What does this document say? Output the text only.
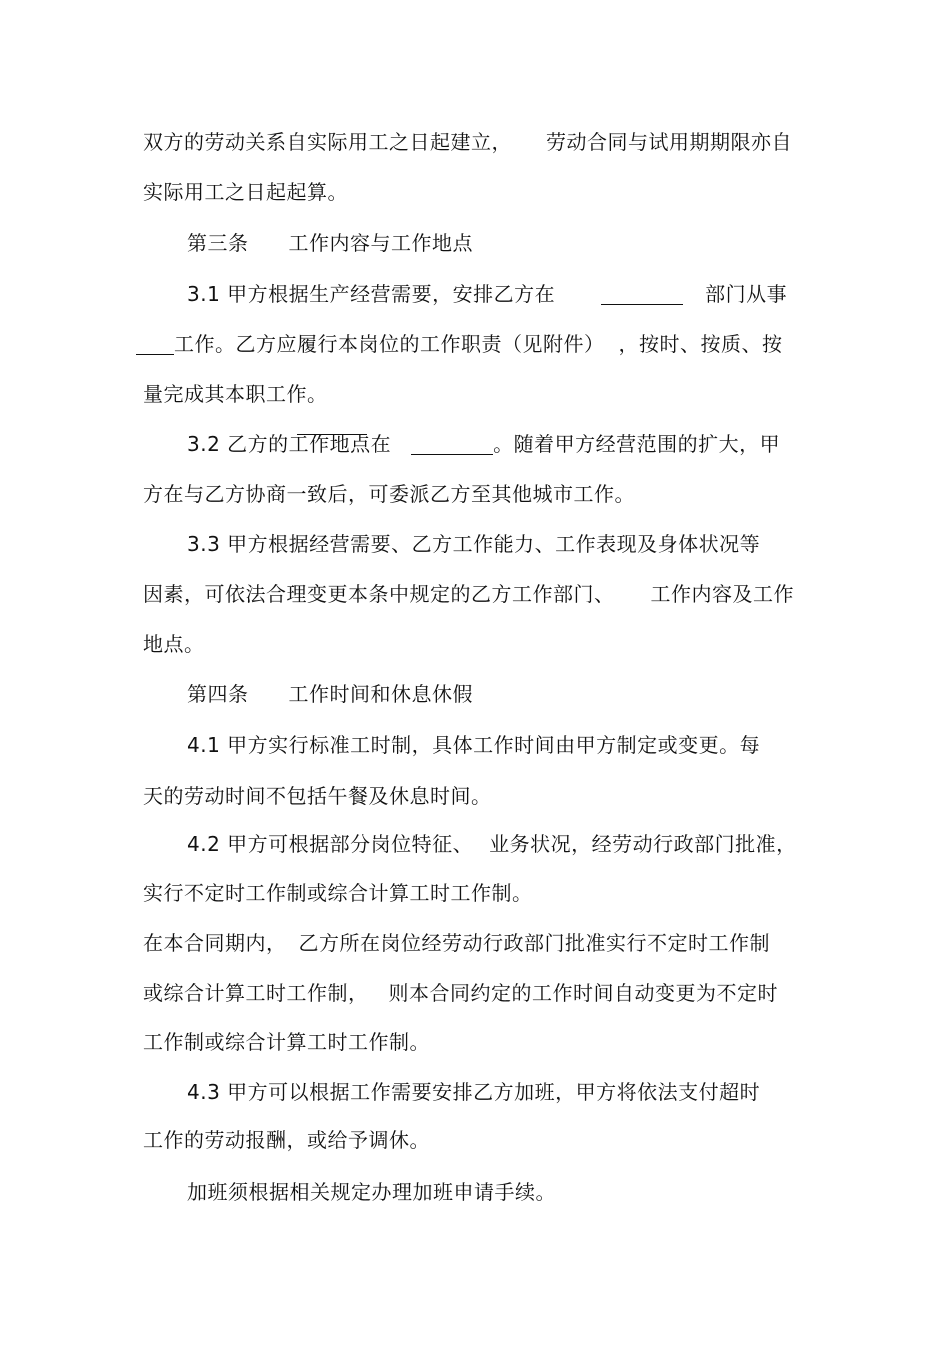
双方的劳动关系自实际用工之日起建立， 劳动合同与试用期期限亦自
实际用工之日起起算。
第三条 工作内容与工作地点
3.1 甲方根据生产经营需要，安排乙方在	部门从事
工作。乙方应履行本岗位的工作职责（见附件） ，按时、按质、按
量完成其本职工作。
3.2 乙方的工作地点在	。随着甲方经营范围的扩大，甲
方在与乙方协商一致后，可委派乙方至其他城市工作。
3.3 甲方根据经营需要、乙方工作能力、工作表现及身体状况等
因素，可依法合理变更本条中规定的乙方工作部门、 工作内容及工作
地点。
第四条 工作时间和休息休假
4.1 甲方实行标准工时制，具体工作时间由甲方制定或变更。每
天的劳动时间不包括午餐及休息时间。
4.2 甲方可根据部分岗位特征、 业务状况，经劳动行政部门批准，
实行不定时工作制或综合计算工时工作制。
在本合同期内， 乙方所在岗位经劳动行政部门批准实行不定时工作制
或综合计算工时工作制， 则本合同约定的工作时间自动变更为不定时
工作制或综合计算工时工作制。
4.3 甲方可以根据工作需要安排乙方加班，甲方将依法支付超时
工作的劳动报酬，或给予调休。
加班须根据相关规定办理加班申请手续。
